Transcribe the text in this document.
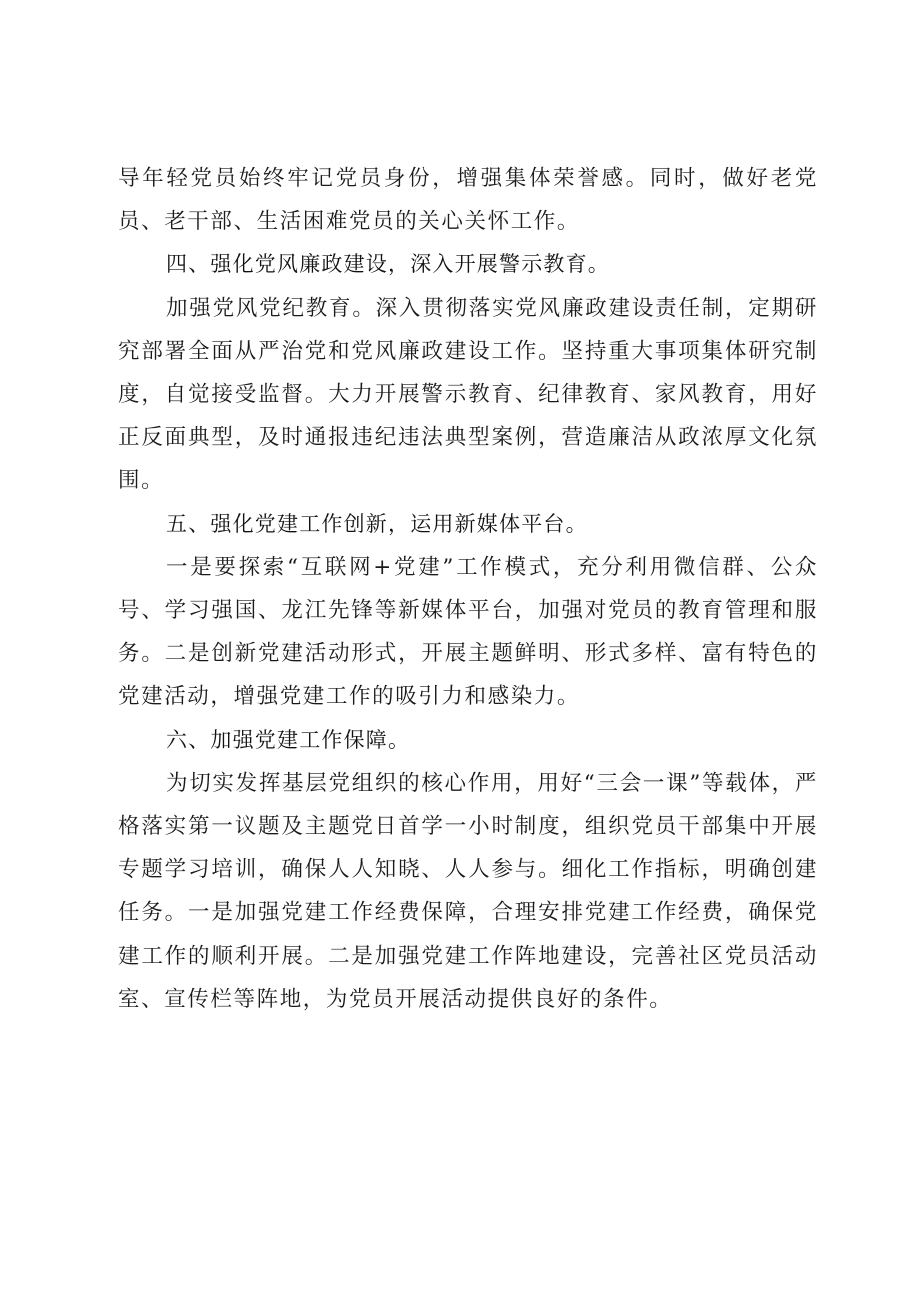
导年轻党员始终牢记党员身份，增强集体荣誉感。同时，做好老党员、老干部、生活困难党员的关心关怀工作。

四、强化党风廉政建设，深入开展警示教育。

加强党风党纪教育。深入贯彻落实党风廉政建设责任制，定期研究部署全面从严治党和党风廉政建设工作。坚持重大事项集体研究制度，自觉接受监督。大力开展警示教育、纪律教育、家风教育，用好正反面典型，及时通报违纪违法典型案例，营造廉洁从政浓厚文化氛围。

五、强化党建工作创新，运用新媒体平台。

一是要探索“互联网+党建”工作模式，充分利用微信群、公众号、学习强国、龙江先锋等新媒体平台，加强对党员的教育管理和服务。二是创新党建活动形式，开展主题鲜明、形式多样、富有特色的党建活动，增强党建工作的吸引力和感染力。

六、加强党建工作保障。

为切实发挥基层党组织的核心作用，用好“三会一课”等载体，严格落实第一议题及主题党日首学一小时制度，组织党员干部集中开展专题学习培训，确保人人知晓、人人参与。细化工作指标，明确创建任务。一是加强党建工作经费保障，合理安排党建工作经费，确保党建工作的顺利开展。二是加强党建工作阵地建设，完善社区党员活动室、宣传栏等阵地，为党员开展活动提供良好的条件。
